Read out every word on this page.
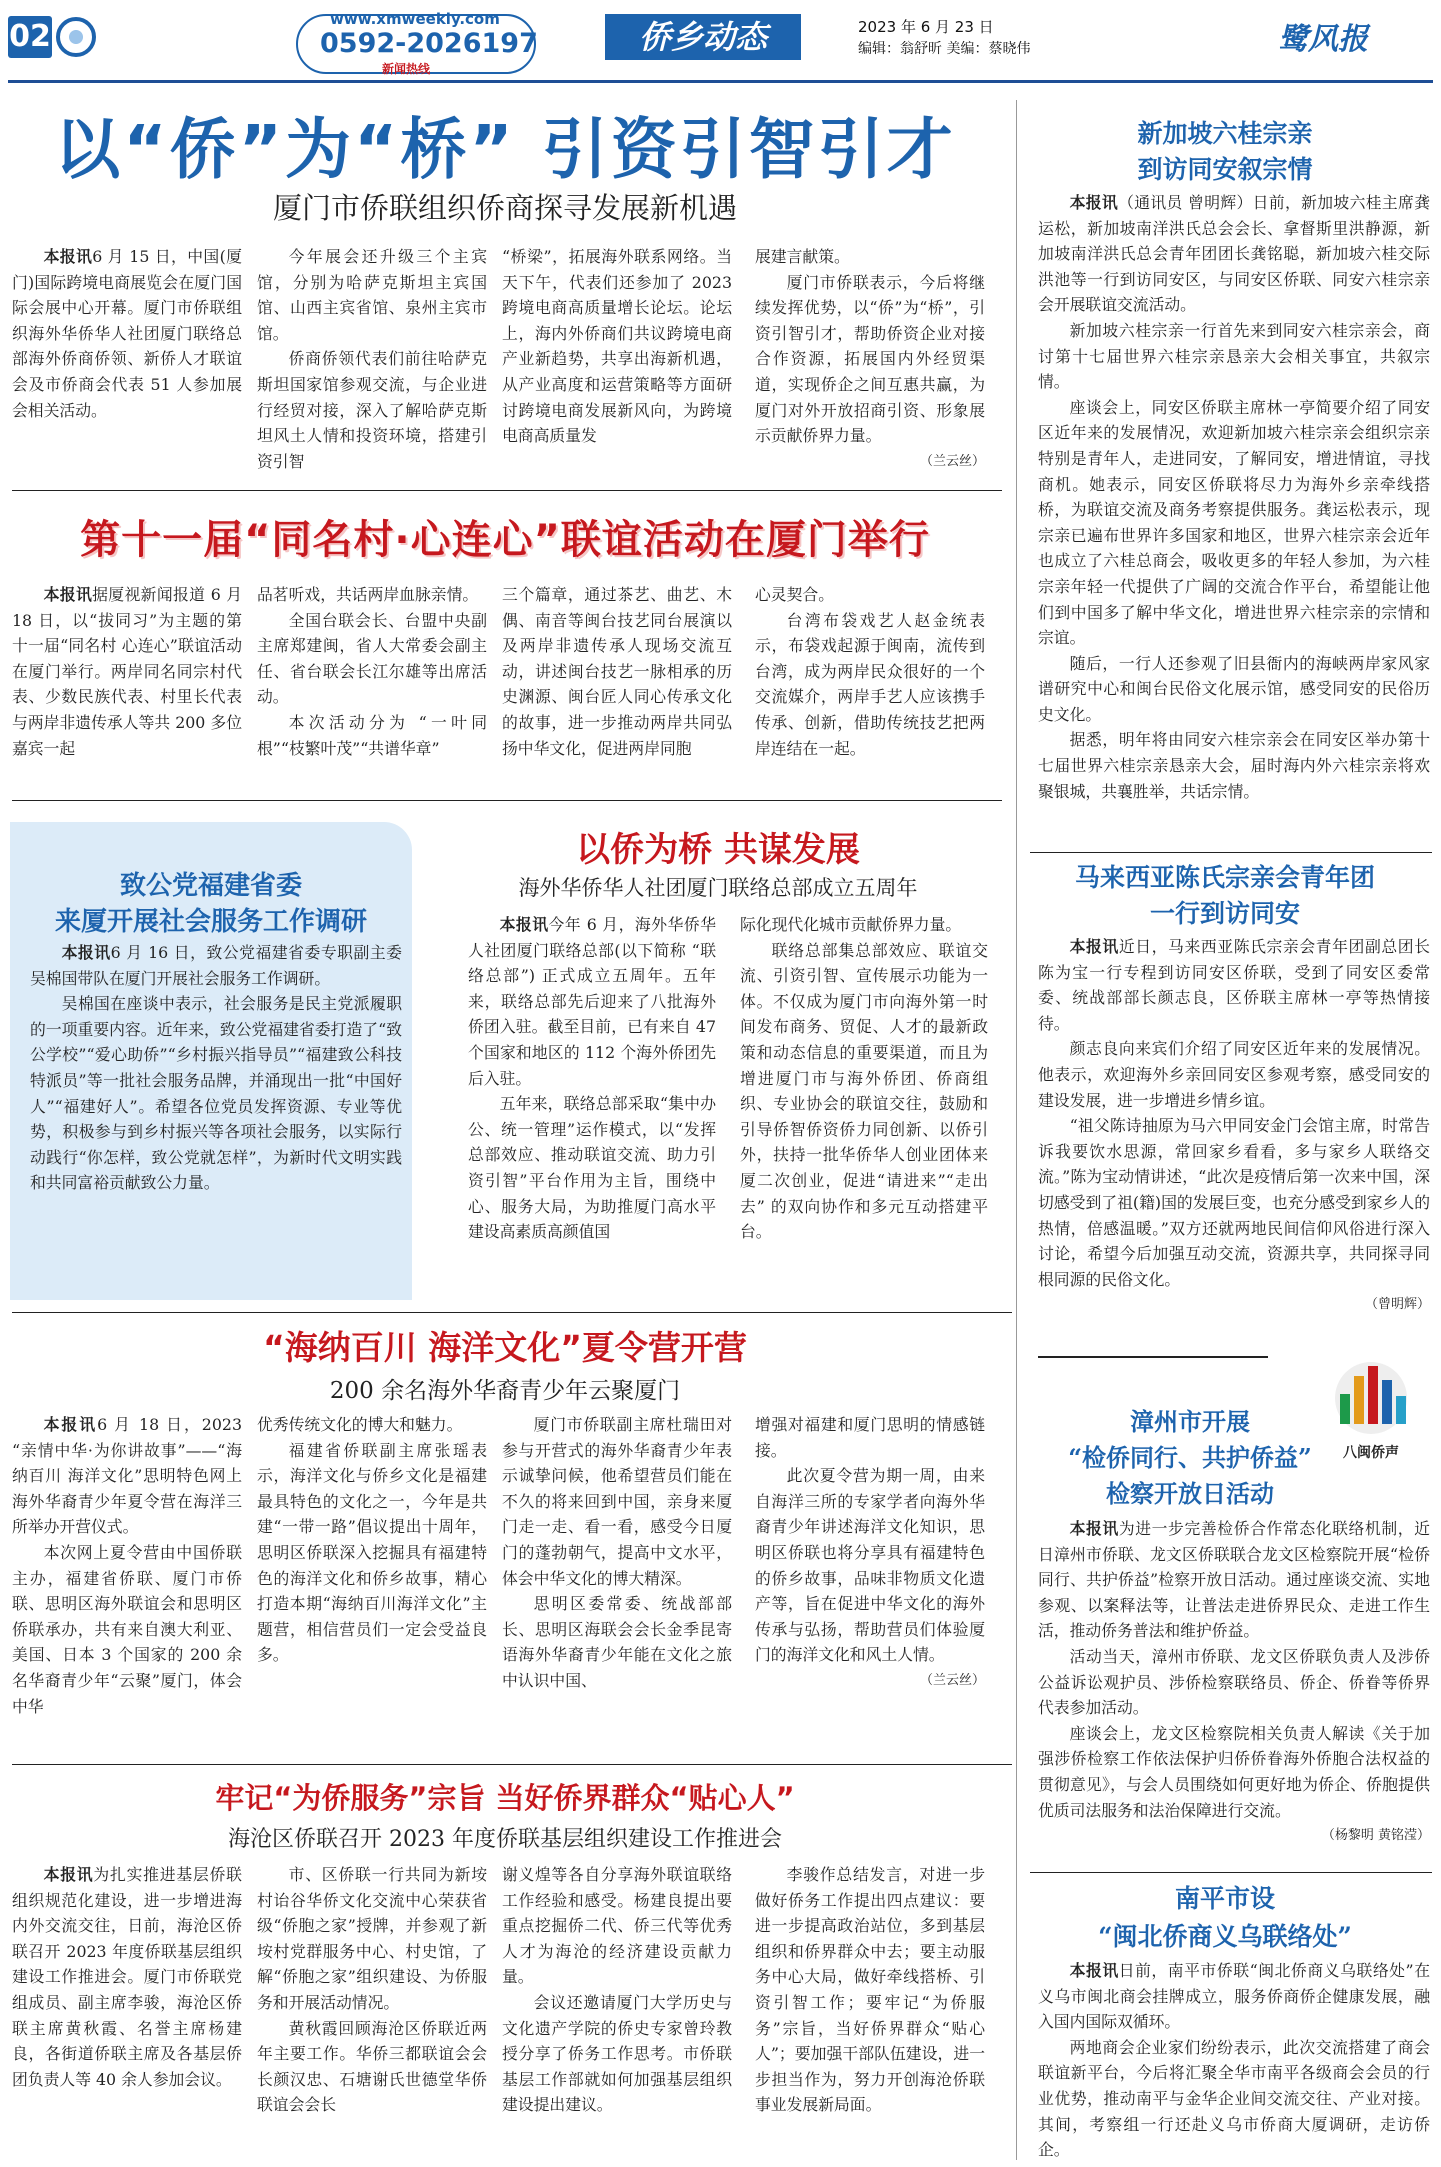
02	www.xmweekly.com
0592-2026197
新闻热线
侨乡动态	2023 年 6 月 23 日
编辑：翁舒昕 美编：蔡晓伟	鹭风报
以“侨”为“桥” 引资引智引才
厦门市侨联组织侨商探寻发展新机遇

本报讯6 月 15 日，中国(厦门)国际跨境电商展览会在厦门国际会展中心开幕。厦门市侨联组织海外华侨华人社团厦门联络总部海外侨商侨领、新侨人才联谊会及市侨商会代表 51 人参加展会相关活动。

今年展会还升级三个主宾馆，分别为哈萨克斯坦主宾国馆、山西主宾省馆、泉州主宾市馆。

侨商侨领代表们前往哈萨克斯坦国家馆参观交流，与企业进行经贸对接，深入了解哈萨克斯坦风土人情和投资环境，搭建引资引智

“桥梁”，拓展海外联系网络。当天下午，代表们还参加了 2023 跨境电商高质量增长论坛。论坛上，海内外侨商们共议跨境电商产业新趋势，共享出海新机遇，从产业高度和运营策略等方面研讨跨境电商发展新风向，为跨境电商高质量发

展建言献策。

厦门市侨联表示，今后将继续发挥优势，以“侨”为“桥”，引资引智引才，帮助侨资企业对接合作资源，拓展国内外经贸渠道，实现侨企之间互惠共赢，为厦门对外开放招商引资、形象展示贡献侨界力量。

（兰云丝）

第十一届“同名村·心连心”联谊活动在厦门举行

本报讯据厦视新闻报道 6 月 18 日，以“拔同习”为主题的第十一届“同名村 心连心”联谊活动在厦门举行。两岸同名同宗村代表、少数民族代表、村里长代表与两岸非遗传承人等共 200 多位嘉宾一起

品茗听戏，共话两岸血脉亲情。

全国台联会长、台盟中央副主席郑建闽，省人大常委会副主任、省台联会长江尔雄等出席活动。

本次活动分为 “一叶同根”“枝繁叶茂”“共谱华章”

三个篇章，通过茶艺、曲艺、木偶、南音等闽台技艺同台展演以及两岸非遗传承人现场交流互动，讲述闽台技艺一脉相承的历史渊源、闽台匠人同心传承文化的故事，进一步推动两岸共同弘扬中华文化，促进两岸同胞

心灵契合。

台湾布袋戏艺人赵金统表示，布袋戏起源于闽南，流传到台湾，成为两岸民众很好的一个交流媒介，两岸手艺人应该携手传承、创新，借助传统技艺把两岸连结在一起。

新加坡六桂宗亲
到访同安叙宗情

本报讯（通讯员 曾明辉）日前，新加坡六桂主席龚运松，新加坡南洋洪氏总会会长、拿督斯里洪静源，新加坡南洋洪氏总会青年团团长龚铭聪，新加坡六桂交际洪池等一行到访同安区，与同安区侨联、同安六桂宗亲会开展联谊交流活动。

新加坡六桂宗亲一行首先来到同安六桂宗亲会，商讨第十七届世界六桂宗亲恳亲大会相关事宜，共叙宗情。

座谈会上，同安区侨联主席林一亭简要介绍了同安区近年来的发展情况，欢迎新加坡六桂宗亲会组织宗亲特别是青年人，走进同安，了解同安，增进情谊，寻找商机。她表示，同安区侨联将尽力为海外乡亲牵线搭桥，为联谊交流及商务考察提供服务。龚运松表示，现宗亲已遍布世界许多国家和地区，世界六桂宗亲会近年也成立了六桂总商会，吸收更多的年轻人参加，为六桂宗亲年轻一代提供了广阔的交流合作平台，希望能让他们到中国多了解中华文化，增进世界六桂宗亲的宗情和宗谊。

随后，一行人还参观了旧县衙内的海峡两岸家风家谱研究中心和闽台民俗文化展示馆，感受同安的民俗历史文化。

据悉，明年将由同安六桂宗亲会在同安区举办第十七届世界六桂宗亲恳亲大会，届时海内外六桂宗亲将欢聚银城，共襄胜举，共话宗情。

马来西亚陈氏宗亲会青年团
一行到访同安

本报讯近日，马来西亚陈氏宗亲会青年团副总团长陈为宝一行专程到访同安区侨联，受到了同安区委常委、统战部部长颜志良，区侨联主席林一亭等热情接待。

颜志良向来宾们介绍了同安区近年来的发展情况。他表示，欢迎海外乡亲回同安区参观考察，感受同安的建设发展，进一步增进乡情乡谊。

“祖父陈诗抽原为马六甲同安金门会馆主席，时常告诉我要饮水思源，常回家乡看看，多与家乡人联络交流。”陈为宝动情讲述，“此次是疫情后第一次来中国，深切感受到了祖(籍)国的发展巨变，也充分感受到家乡人的热情，倍感温暖。”双方还就两地民间信仰风俗进行深入讨论，希望今后加强互动交流，资源共享，共同探寻同根同源的民俗文化。

（曾明辉）

致公党福建省委
来厦开展社会服务工作调研

本报讯6 月 16 日，致公党福建省委专职副主委吴棉国带队在厦门开展社会服务工作调研。

吴棉国在座谈中表示，社会服务是民主党派履职的一项重要内容。近年来，致公党福建省委打造了“致公学校”“爱心助侨”“乡村振兴指导员”“福建致公科技特派员”等一批社会服务品牌，并涌现出一批“中国好人”“福建好人”。希望各位党员发挥资源、专业等优势，积极参与到乡村振兴等各项社会服务，以实际行动践行“你怎样，致公党就怎样”，为新时代文明实践和共同富裕贡献致公力量。

以侨为桥 共谋发展
海外华侨华人社团厦门联络总部成立五周年

本报讯今年 6 月，海外华侨华人社团厦门联络总部(以下简称 “联络总部”) 正式成立五周年。五年来，联络总部先后迎来了八批海外侨团入驻。截至目前，已有来自 47 个国家和地区的 112 个海外侨团先后入驻。

五年来，联络总部采取“集中办公、统一管理”运作模式，以“发挥总部效应、推动联谊交流、助力引资引智”平台作用为主旨，围绕中心、服务大局，为助推厦门高水平建设高素质高颜值国

际化现代化城市贡献侨界力量。

联络总部集总部效应、联谊交流、引资引智、宣传展示功能为一体。不仅成为厦门市向海外第一时间发布商务、贸促、人才的最新政策和动态信息的重要渠道，而且为增进厦门市与海外侨团、侨商组织、专业协会的联谊交往，鼓励和引导侨智侨资侨力同创新、以侨引外，扶持一批华侨华人创业团体来厦二次创业，促进“请进来”“走出去” 的双向协作和多元互动搭建平台。

“海纳百川 海洋文化”夏令营开营
200 余名海外华裔青少年云聚厦门

本报讯6 月 18 日，2023 “亲情中华·为你讲故事”——“海纳百川 海洋文化”思明特色网上海外华裔青少年夏令营在海洋三所举办开营仪式。

本次网上夏令营由中国侨联主办，福建省侨联、厦门市侨联、思明区海外联谊会和思明区侨联承办，共有来自澳大利亚、美国、日本 3 个国家的 200 余名华裔青少年“云聚”厦门，体会中华

优秀传统文化的博大和魅力。

福建省侨联副主席张瑶表示，海洋文化与侨乡文化是福建最具特色的文化之一，今年是共建“一带一路”倡议提出十周年，思明区侨联深入挖掘具有福建特色的海洋文化和侨乡故事，精心打造本期“海纳百川海洋文化”主题营，相信营员们一定会受益良多。

厦门市侨联副主席杜瑞田对参与开营式的海外华裔青少年表示诚挚问候，他希望营员们能在不久的将来回到中国，亲身来厦门走一走、看一看，感受今日厦门的蓬勃朝气，提高中文水平，体会中华文化的博大精深。

思明区委常委、统战部部长、思明区海联会会长金季昆寄语海外华裔青少年能在文化之旅中认识中国、

增强对福建和厦门思明的情感链接。

此次夏令营为期一周，由来自海洋三所的专家学者向海外华裔青少年讲述海洋文化知识，思明区侨联也将分享具有福建特色的侨乡故事，品味非物质文化遗产等，旨在促进中华文化的海外传承与弘扬，帮助营员们体验厦门的海洋文化和风土人情。

（兰云丝）

八闽侨声
漳州市开展
“检侨同行、共护侨益”
检察开放日活动

本报讯为进一步完善检侨合作常态化联络机制，近日漳州市侨联、龙文区侨联联合龙文区检察院开展“检侨同行、共护侨益”检察开放日活动。通过座谈交流、实地参观、以案释法等，让普法走进侨界民众、走进工作生活，推动侨务普法和维护侨益。

活动当天，漳州市侨联、龙文区侨联负责人及涉侨公益诉讼观护员、涉侨检察联络员、侨企、侨眷等侨界代表参加活动。

座谈会上，龙文区检察院相关负责人解读《关于加强涉侨检察工作依法保护归侨侨眷海外侨胞合法权益的贯彻意见》，与会人员围绕如何更好地为侨企、侨胞提供优质司法服务和法治保障进行交流。

（杨黎明 黄铭滢）

牢记“为侨服务”宗旨 当好侨界群众“贴心人”
海沧区侨联召开 2023 年度侨联基层组织建设工作推进会

本报讯为扎实推进基层侨联组织规范化建设，进一步增进海内外交流交往，日前，海沧区侨联召开 2023 年度侨联基层组织建设工作推进会。厦门市侨联党组成员、副主席李骏，海沧区侨联主席黄秋霞、名誉主席杨建良，各街道侨联主席及各基层侨团负责人等 40 余人参加会议。

市、区侨联一行共同为新垵村诒谷华侨文化交流中心荣获省级“侨胞之家”授牌，并参观了新垵村党群服务中心、村史馆，了解“侨胞之家”组织建设、为侨服务和开展活动情况。

黄秋霞回顾海沧区侨联近两年主要工作。华侨三都联谊会会长颜汉忠、石塘谢氏世德堂华侨联谊会会长

谢义煌等各自分享海外联谊联络工作经验和感受。杨建良提出要重点挖掘侨二代、侨三代等优秀人才为海沧的经济建设贡献力量。

会议还邀请厦门大学历史与文化遗产学院的侨史专家曾玲教授分享了侨务工作思考。市侨联基层工作部就如何加强基层组织建设提出建议。

李骏作总结发言，对进一步做好侨务工作提出四点建议：要进一步提高政治站位，多到基层组织和侨界群众中去；要主动服务中心大局，做好牵线搭桥、引资引智工作；要牢记“为侨服务”宗旨，当好侨界群众“贴心人”；要加强干部队伍建设，进一步担当作为，努力开创海沧侨联事业发展新局面。

南平市设
“闽北侨商义乌联络处”

本报讯日前，南平市侨联“闽北侨商义乌联络处”在义乌市闽北商会挂牌成立，服务侨商侨企健康发展，融入国内国际双循环。

两地商会企业家们纷纷表示，此次交流搭建了商会联谊新平台，今后将汇聚全华市南平各级商会会员的行业优势，推动南平与金华企业间交流交往、产业对接。其间，考察组一行还赴义乌市侨商大厦调研，走访侨企。
